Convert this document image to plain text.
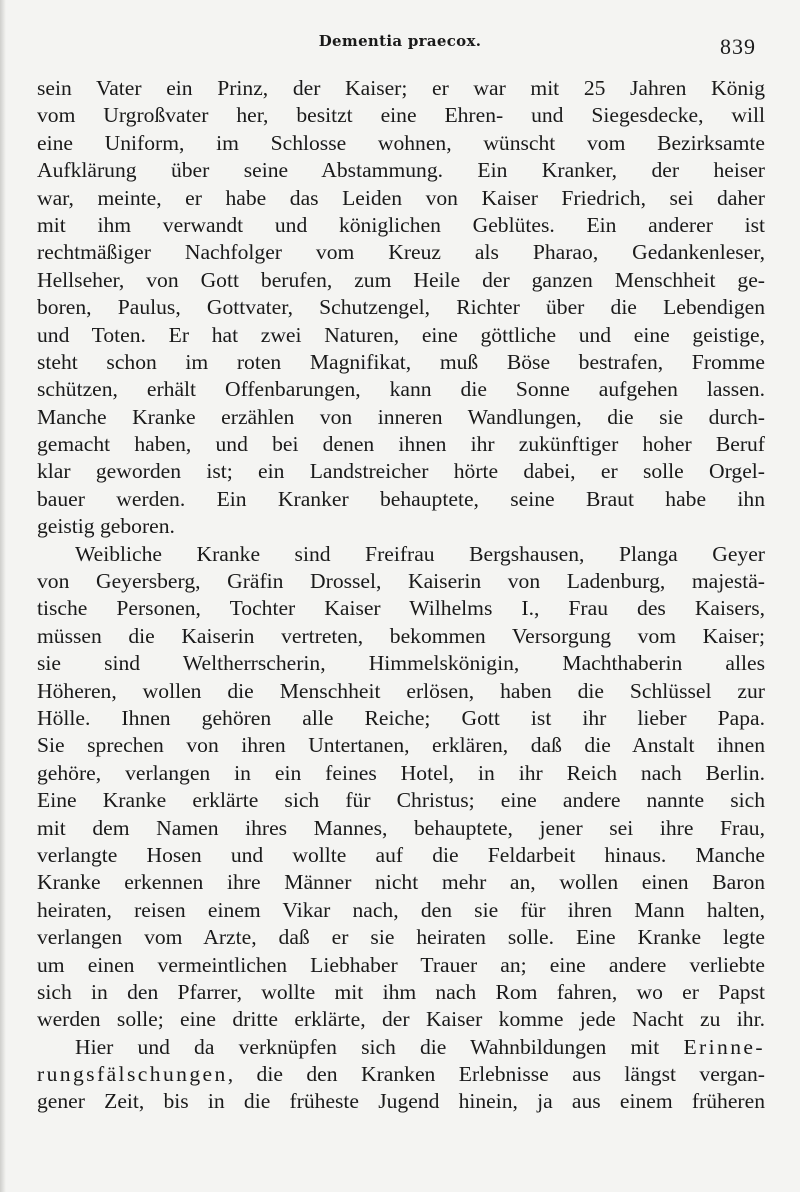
Dementia praecox.	839
sein Vater ein Prinz, der Kaiser; er war mit 25 Jahren König
vom Urgroßvater her, besitzt eine Ehren- und Siegesdecke, will
eine Uniform, im Schlosse wohnen, wünscht vom Bezirksamte
Aufklärung über seine Abstammung. Ein Kranker, der heiser
war, meinte, er habe das Leiden von Kaiser Friedrich, sei daher
mit ihm verwandt und königlichen Geblütes. Ein anderer ist
rechtmäßiger Nachfolger vom Kreuz als Pharao, Gedankenleser,
Hellseher, von Gott berufen, zum Heile der ganzen Menschheit ge-
boren, Paulus, Gottvater, Schutzengel, Richter über die Lebendigen
und Toten. Er hat zwei Naturen, eine göttliche und eine geistige,
steht schon im roten Magnifikat, muß Böse bestrafen, Fromme
schützen, erhält Offenbarungen, kann die Sonne aufgehen lassen.
Manche Kranke erzählen von inneren Wandlungen, die sie durch-
gemacht haben, und bei denen ihnen ihr zukünftiger hoher Beruf
klar geworden ist; ein Landstreicher hörte dabei, er solle Orgel-
bauer werden. Ein Kranker behauptete, seine Braut habe ihn
geistig geboren.
Weibliche Kranke sind Freifrau Bergshausen, Planga Geyer
von Geyersberg, Gräfin Drossel, Kaiserin von Ladenburg, majestä-
tische Personen, Tochter Kaiser Wilhelms I., Frau des Kaisers,
müssen die Kaiserin vertreten, bekommen Versorgung vom Kaiser;
sie sind Weltherrscherin, Himmelskönigin, Machthaberin alles
Höheren, wollen die Menschheit erlösen, haben die Schlüssel zur
Hölle. Ihnen gehören alle Reiche; Gott ist ihr lieber Papa.
Sie sprechen von ihren Untertanen, erklären, daß die Anstalt ihnen
gehöre, verlangen in ein feines Hotel, in ihr Reich nach Berlin.
Eine Kranke erklärte sich für Christus; eine andere nannte sich
mit dem Namen ihres Mannes, behauptete, jener sei ihre Frau,
verlangte Hosen und wollte auf die Feldarbeit hinaus. Manche
Kranke erkennen ihre Männer nicht mehr an, wollen einen Baron
heiraten, reisen einem Vikar nach, den sie für ihren Mann halten,
verlangen vom Arzte, daß er sie heiraten solle. Eine Kranke legte
um einen vermeintlichen Liebhaber Trauer an; eine andere verliebte
sich in den Pfarrer, wollte mit ihm nach Rom fahren, wo er Papst
werden solle; eine dritte erklärte, der Kaiser komme jede Nacht zu ihr.
Hier und da verknüpfen sich die Wahnbildungen mit Erinne-
rungsfälschungen, die den Kranken Erlebnisse aus längst vergan-
gener Zeit, bis in die früheste Jugend hinein, ja aus einem früheren
